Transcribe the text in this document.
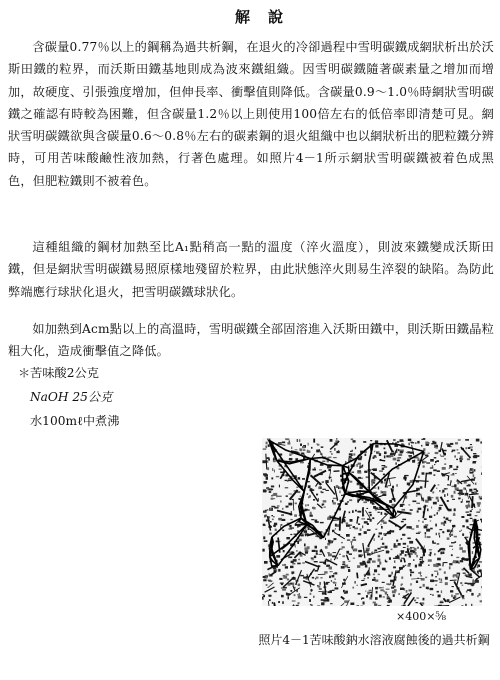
解說

含碳量0.77％以上的鋼稱為過共析鋼，在退火的冷卻過程中雪明碳鐵成網狀析出於沃斯田鐵的粒界，而沃斯田鐵基地則成為波來鐵組織。因雪明碳鐵隨著碳素量之增加而增加，故硬度、引張強度增加，但伸長率、衝擊值則降低。含碳量0.9～1.0％時網狀雪明碳鐵之確認有時較為困難，但含碳量1.2％以上則使用100倍左右的低倍率即清楚可見。網狀雪明碳鐵欲與含碳量0.6～0.8％左右的碳素鋼的退火組織中也以網狀析出的肥粒鐵分辨時，可用苦味酸鹼性液加熱，行著色處理。如照片4－1所示網狀雪明碳鐵被着色成黑色，但肥粒鐵則不被着色。

這種組織的鋼材加熱至比A₁點稍高一點的溫度（淬火溫度），則波來鐵變成沃斯田鐵，但是網狀雪明碳鐵易照原樣地殘留於粒界，由此狀態淬火則易生淬裂的缺陷。為防此弊端應行球狀化退火，把雪明碳鐵球狀化。

如加熱到Acm點以上的高溫時，雪明碳鐵全部固溶進入沃斯田鐵中，則沃斯田鐵晶粒粗大化，造成衝擊值之降低。

＊苦味酸2公克
NaOH 25公克
水100mℓ中煮沸
×400×⅝
照片4－1苦味酸鈉水溶液腐蝕後的過共析鋼
